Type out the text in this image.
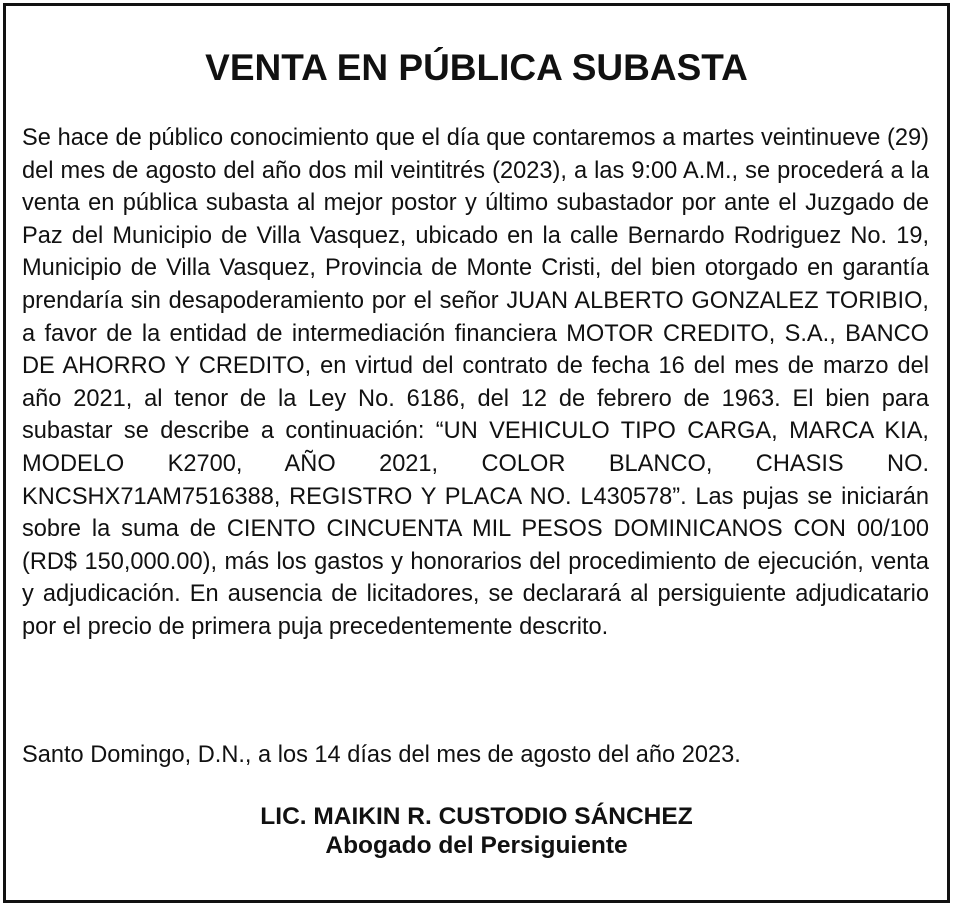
VENTA EN PÚBLICA SUBASTA

Se hace de público conocimiento que el día que contaremos a martes veintinueve (29) del mes de agosto del año dos mil veintitrés (2023), a las 9:00 A.M., se procederá a la venta en pública subasta al mejor postor y último subastador por ante el Juzgado de Paz del Municipio de Villa Vasquez, ubicado en la calle Bernardo Rodriguez No. 19, Municipio de Villa Vasquez, Provincia de Monte Cristi, del bien otorgado en garantía prendaría sin desapoderamiento por el señor JUAN ALBERTO GONZALEZ TORIBIO, a favor de la entidad de intermediación financiera MOTOR CREDITO, S.A., BANCO DE AHORRO Y CREDITO, en virtud del contrato de fecha 16 del mes de marzo del año 2021, al tenor de la Ley No. 6186, del 12 de febrero de 1963. El bien para subastar se describe a continuación: “UN VEHICULO TIPO CARGA, MARCA KIA, MODELO K2700, AÑO 2021, COLOR BLANCO, CHASIS NO. KNCSHX71AM7516388, REGISTRO Y PLACA NO. L430578”. Las pujas se iniciarán sobre la suma de CIENTO CINCUENTA MIL PESOS DOMINICANOS CON 00/100 (RD$ 150,000.00), más los gastos y honorarios del procedimiento de ejecución, venta y adjudicación. En ausencia de licitadores, se declarará al persiguiente adjudicatario por el precio de primera puja precedentemente descrito.

Santo Domingo, D.N., a los 14 días del mes de agosto del año 2023.

LIC. MAIKIN R. CUSTODIO SÁNCHEZ
Abogado del Persiguiente
